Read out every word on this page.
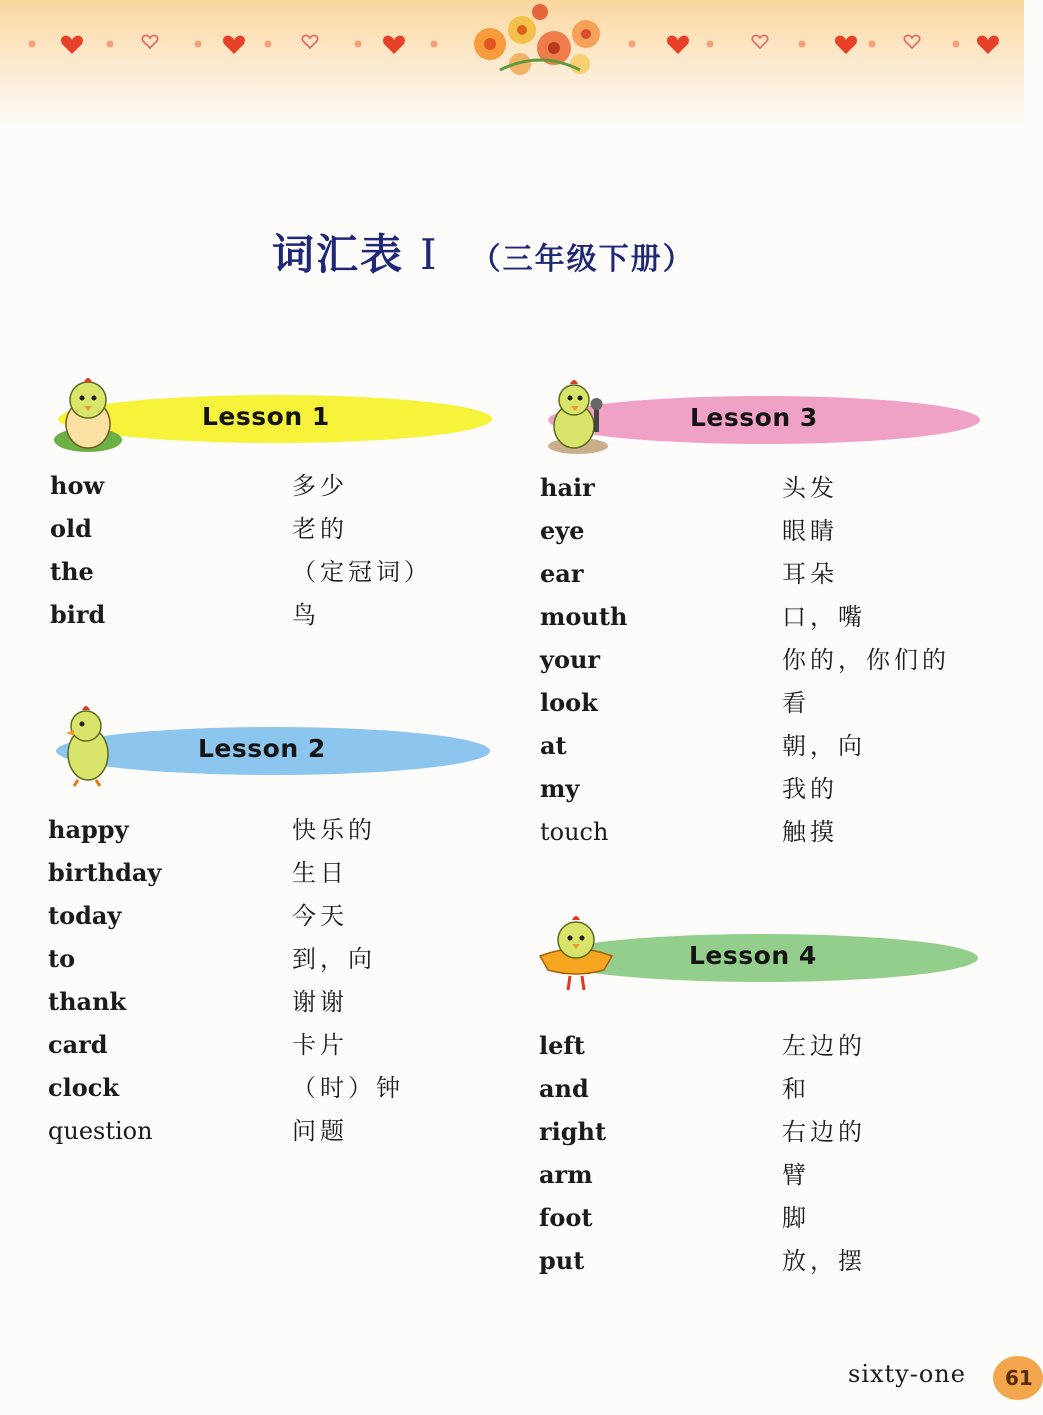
词汇表 I （三年级下册）
Lesson 1
Lesson 2
Lesson 3
Lesson 4
how	多少
old	老的
the	（定冠词）
bird	鸟
happy	快乐的
birthday	生日
today	今天
to	到，向
thank	谢谢
card	卡片
clock	（时）钟
question	问题
hair	头发
eye	眼睛
ear	耳朵
mouth	口，嘴
your	你的，你们的
look	看
at	朝，向
my	我的
touch	触摸
left	左边的
and	和
right	右边的
arm	臂
foot	脚
put	放，摆
sixty-one	61
